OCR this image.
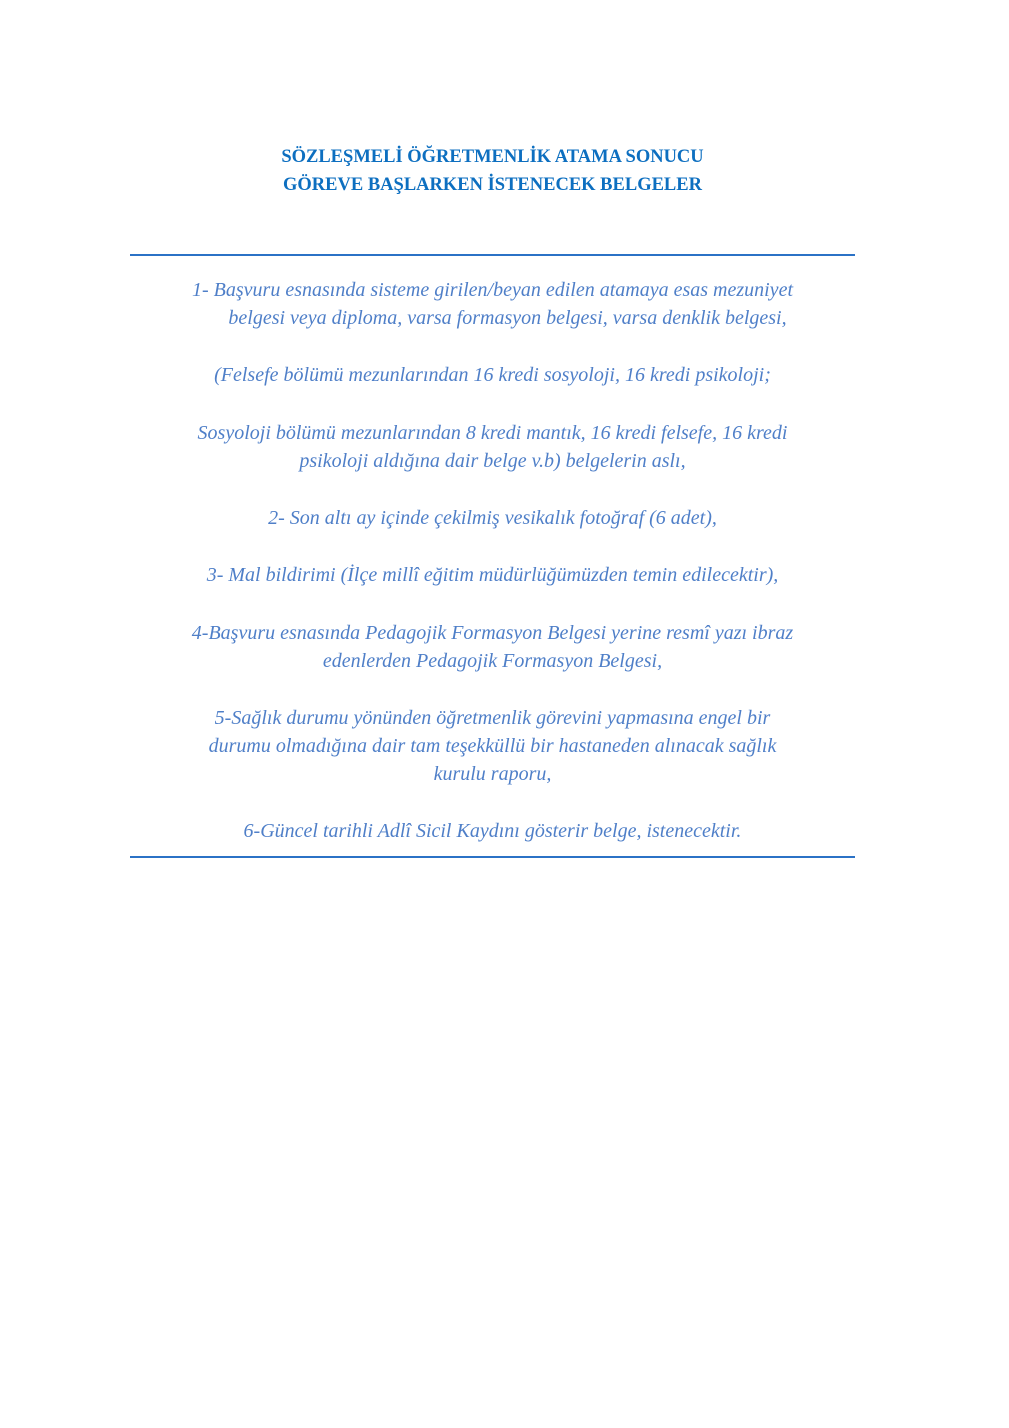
SÖZLEŞMELİ ÖĞRETMENLİK ATAMA SONUCU
GÖREVE BAŞLARKEN İSTENECEK BELGELER
1- Başvuru esnasında sisteme girilen/beyan edilen atamaya esas mezuniyet
belgesi veya diploma, varsa formasyon belgesi, varsa denklik belgesi,
(Felsefe bölümü mezunlarından 16 kredi sosyoloji, 16 kredi psikoloji;
Sosyoloji bölümü mezunlarından 8 kredi mantık, 16 kredi felsefe, 16 kredi
psikoloji aldığına dair belge v.b) belgelerin aslı,
2- Son altı ay içinde çekilmiş vesikalık fotoğraf (6 adet),
3- Mal bildirimi (İlçe millî eğitim müdürlüğümüzden temin edilecektir),
4-Başvuru esnasında Pedagojik Formasyon Belgesi yerine resmî yazı ibraz
edenlerden Pedagojik Formasyon Belgesi,
5-Sağlık durumu yönünden öğretmenlik görevini yapmasına engel bir
durumu olmadığına dair tam teşekküllü bir hastaneden alınacak sağlık
kurulu raporu,
6-Güncel tarihli Adlî Sicil Kaydını gösterir belge, istenecektir.
